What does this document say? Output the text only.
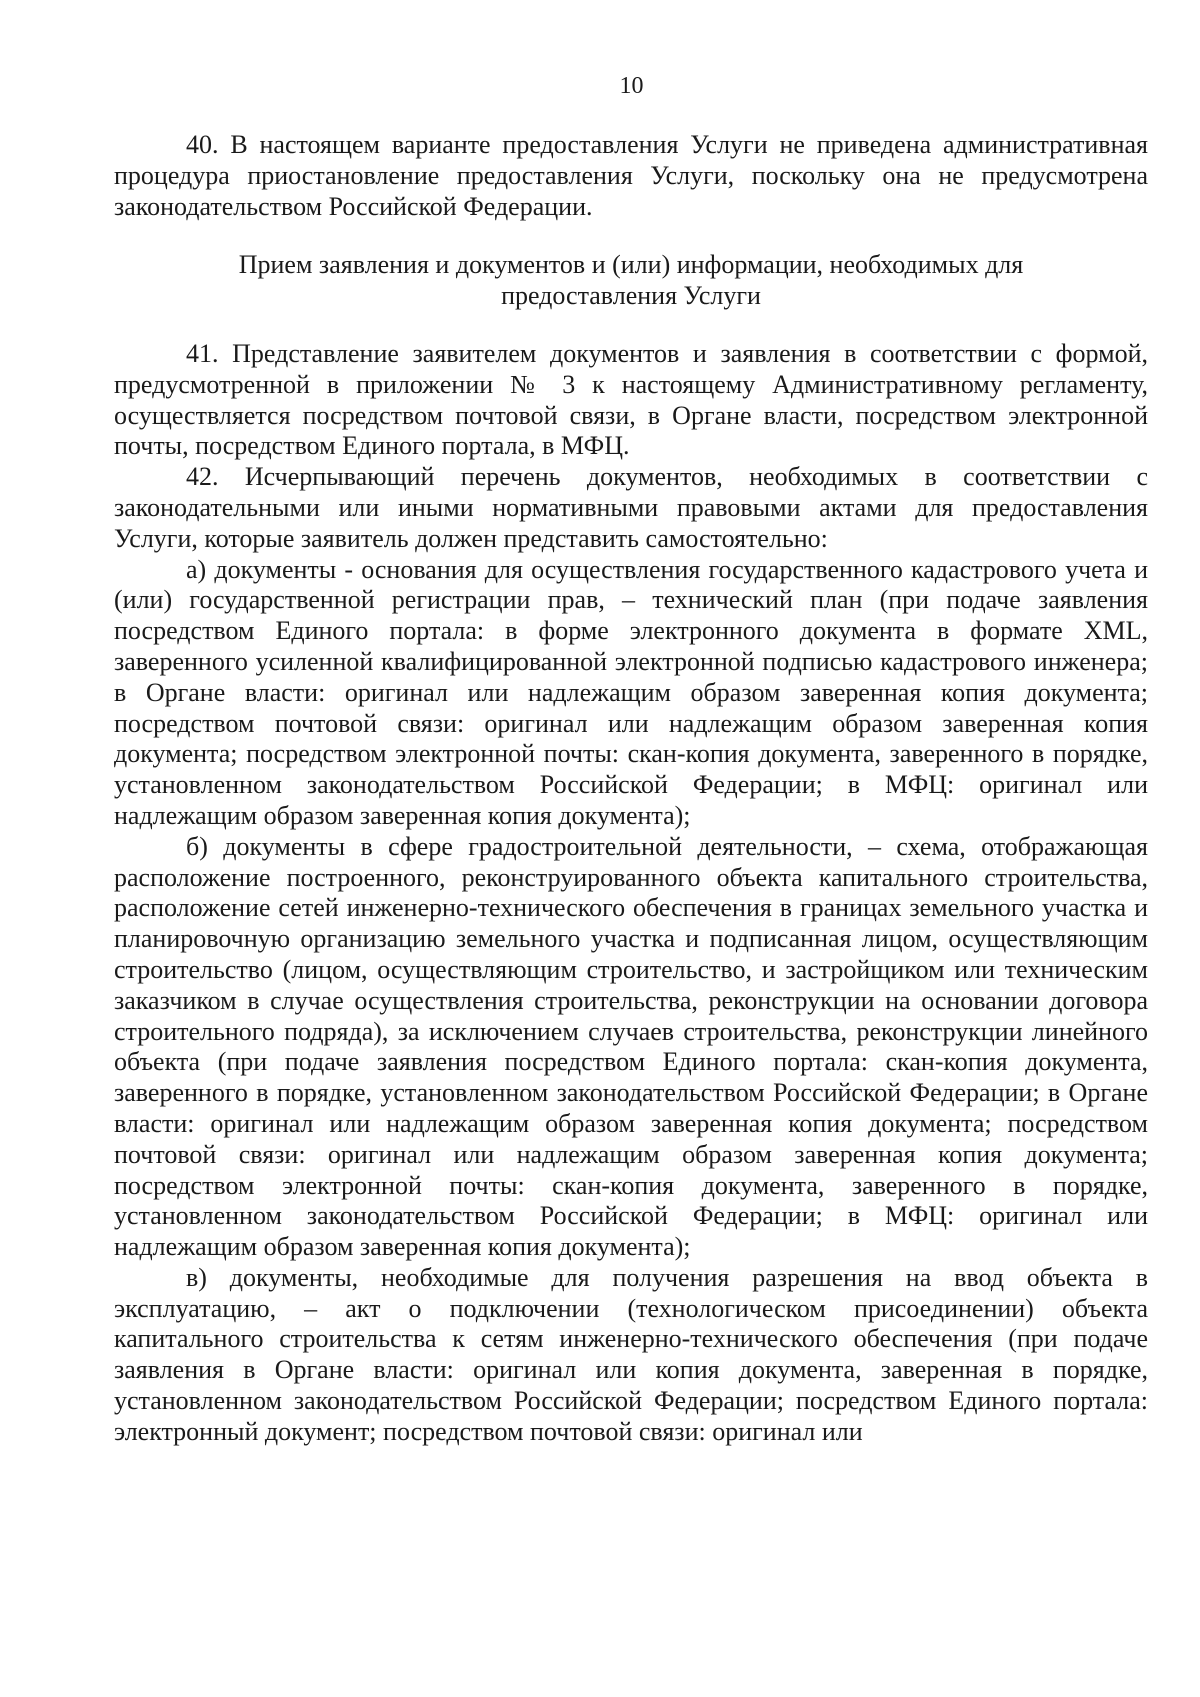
10

40. В настоящем варианте предоставления Услуги не приведена административная процедура приостановление предоставления Услуги, поскольку она не предусмотрена законодательством Российской Федерации.

Прием заявления и документов и (или) информации, необходимых для предоставления Услуги

41. Представление заявителем документов и заявления в соответствии с формой, предусмотренной в приложении № 3 к настоящему Административному регламенту, осуществляется посредством почтовой связи, в Органе власти, посредством электронной почты, посредством Единого портала, в МФЦ.

42. Исчерпывающий перечень документов, необходимых в соответствии с законодательными или иными нормативными правовыми актами для предоставления Услуги, которые заявитель должен представить самостоятельно:

а) документы - основания для осуществления государственного кадастрового учета и (или) государственной регистрации прав, – технический план (при подаче заявления посредством Единого портала: в форме электронного документа в формате XML, заверенного усиленной квалифицированной электронной подписью кадастрового инженера; в Органе власти: оригинал или надлежащим образом заверенная копия документа; посредством почтовой связи: оригинал или надлежащим образом заверенная копия документа; посредством электронной почты: скан-копия документа, заверенного в порядке, установленном законодательством Российской Федерации; в МФЦ: оригинал или надлежащим образом заверенная копия документа);

б) документы в сфере градостроительной деятельности, – схема, отображающая расположение построенного, реконструированного объекта капитального строительства, расположение сетей инженерно-технического обеспечения в границах земельного участка и планировочную организацию земельного участка и подписанная лицом, осуществляющим строительство (лицом, осуществляющим строительство, и застройщиком или техническим заказчиком в случае осуществления строительства, реконструкции на основании договора строительного подряда), за исключением случаев строительства, реконструкции линейного объекта (при подаче заявления посредством Единого портала: скан-копия документа, заверенного в порядке, установленном законодательством Российской Федерации; в Органе власти: оригинал или надлежащим образом заверенная копия документа; посредством почтовой связи: оригинал или надлежащим образом заверенная копия документа; посредством электронной почты: скан-копия документа, заверенного в порядке, установленном законодательством Российской Федерации; в МФЦ: оригинал или надлежащим образом заверенная копия документа);

в) документы, необходимые для получения разрешения на ввод объекта в эксплуатацию, – акт о подключении (технологическом присоединении) объекта капитального строительства к сетям инженерно-технического обеспечения (при подаче заявления в Органе власти: оригинал или копия документа, заверенная в порядке, установленном законодательством Российской Федерации; посредством Единого портала: электронный документ; посредством почтовой связи: оригинал или
